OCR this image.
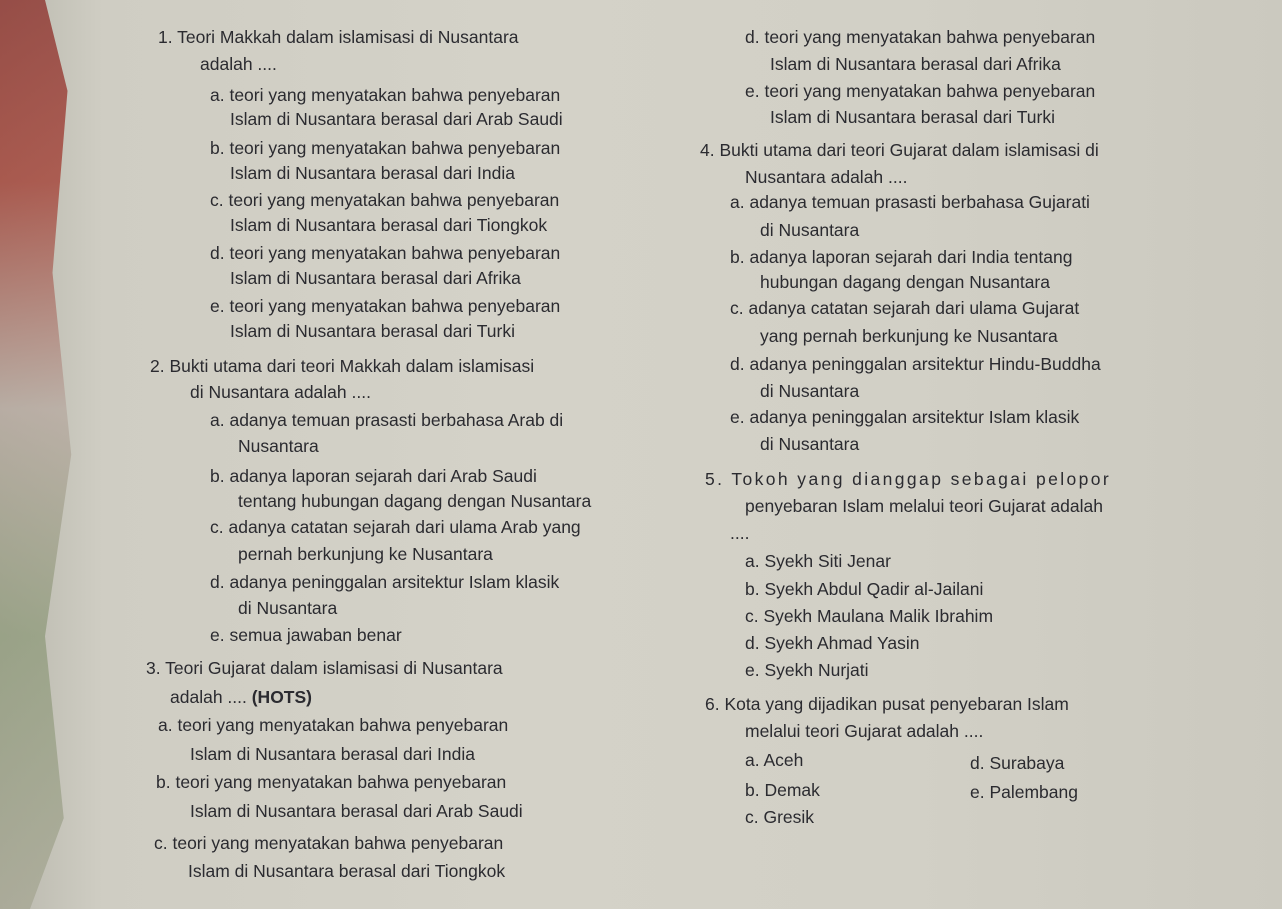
1. Teori Makkah dalam islamisasi di Nusantara
adalah ....
a. teori yang menyatakan bahwa penyebaran
Islam di Nusantara berasal dari Arab Saudi
b. teori yang menyatakan bahwa penyebaran
Islam di Nusantara berasal dari India
c. teori yang menyatakan bahwa penyebaran
Islam di Nusantara berasal dari Tiongkok
d. teori yang menyatakan bahwa penyebaran
Islam di Nusantara berasal dari Afrika
e. teori yang menyatakan bahwa penyebaran
Islam di Nusantara berasal dari Turki
2. Bukti utama dari teori Makkah dalam islamisasi
di Nusantara adalah ....
a. adanya temuan prasasti berbahasa Arab di
Nusantara
b. adanya laporan sejarah dari Arab Saudi
tentang hubungan dagang dengan Nusantara
c. adanya catatan sejarah dari ulama Arab yang
pernah berkunjung ke Nusantara
d. adanya peninggalan arsitektur Islam klasik
di Nusantara
e. semua jawaban benar
3. Teori Gujarat dalam islamisasi di Nusantara
adalah .... (HOTS)
a. teori yang menyatakan bahwa penyebaran
Islam di Nusantara berasal dari India
b. teori yang menyatakan bahwa penyebaran
Islam di Nusantara berasal dari Arab Saudi
c. teori yang menyatakan bahwa penyebaran
Islam di Nusantara berasal dari Tiongkok
d. teori yang menyatakan bahwa penyebaran
Islam di Nusantara berasal dari Afrika
e. teori yang menyatakan bahwa penyebaran
Islam di Nusantara berasal dari Turki
4. Bukti utama dari teori Gujarat dalam islamisasi di
Nusantara adalah ....
a. adanya temuan prasasti berbahasa Gujarati
di Nusantara
b. adanya laporan sejarah dari India tentang
hubungan dagang dengan Nusantara
c. adanya catatan sejarah dari ulama Gujarat
yang pernah berkunjung ke Nusantara
d. adanya peninggalan arsitektur Hindu-Buddha
di Nusantara
e. adanya peninggalan arsitektur Islam klasik
di Nusantara
5. Tokoh yang dianggap sebagai pelopor
penyebaran Islam melalui teori Gujarat adalah
....
a. Syekh Siti Jenar
b. Syekh Abdul Qadir al-Jailani
c. Syekh Maulana Malik Ibrahim
d. Syekh Ahmad Yasin
e. Syekh Nurjati
6. Kota yang dijadikan pusat penyebaran Islam
melalui teori Gujarat adalah ....
a. Aceh
b. Demak
c. Gresik
d. Surabaya
e. Palembang
